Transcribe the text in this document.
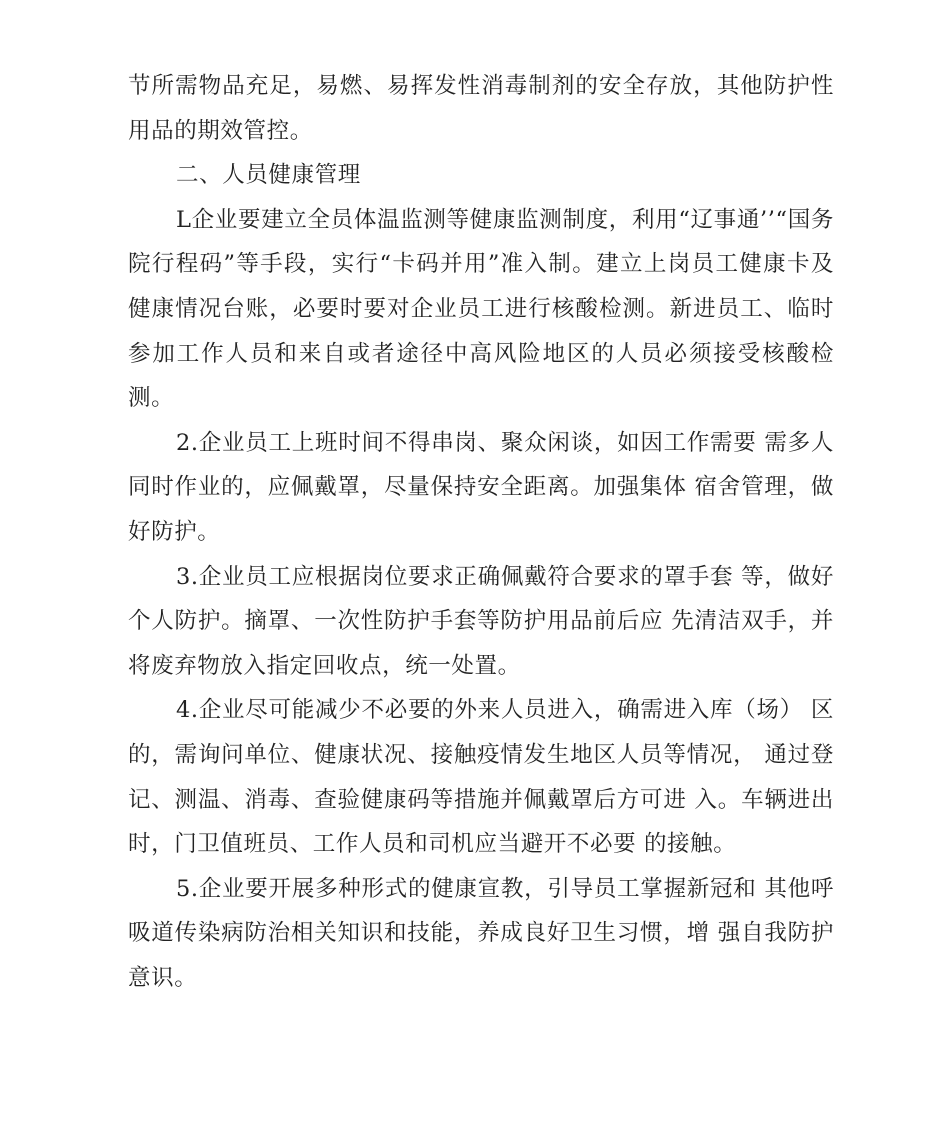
节所需物品充足，易燃、易挥发性消毒制剂的安全存放，其他防护性用品的期效管控。

二、人员健康管理

L企业要建立全员体温监测等健康监测制度，利用“辽事通’’“国务院行程码”等手段，实行“卡码并用”准入制。建立上岗员工健康卡及健康情况台账，必要时要对企业员工进行核酸检测。新进员工、临时参加工作人员和来自或者途径中高风险地区的人员必须接受核酸检测。

2.企业员工上班时间不得串岗、聚众闲谈，如因工作需要 需多人同时作业的，应佩戴罩，尽量保持安全距离。加强集体 宿舍管理，做好防护。

3.企业员工应根据岗位要求正确佩戴符合要求的罩手套 等，做好个人防护。摘罩、一次性防护手套等防护用品前后应 先清洁双手，并将废弃物放入指定回收点，统一处置。

4.企业尽可能减少不必要的外来人员进入，确需进入库（场） 区的，需询问单位、健康状况、接触疫情发生地区人员等情况， 通过登记、测温、消毒、查验健康码等措施并佩戴罩后方可进 入。车辆进出时，门卫值班员、工作人员和司机应当避开不必要 的接触。

5.企业要开展多种形式的健康宣教，引导员工掌握新冠和 其他呼吸道传染病防治相关知识和技能，养成良好卫生习惯，增 强自我防护意识。
